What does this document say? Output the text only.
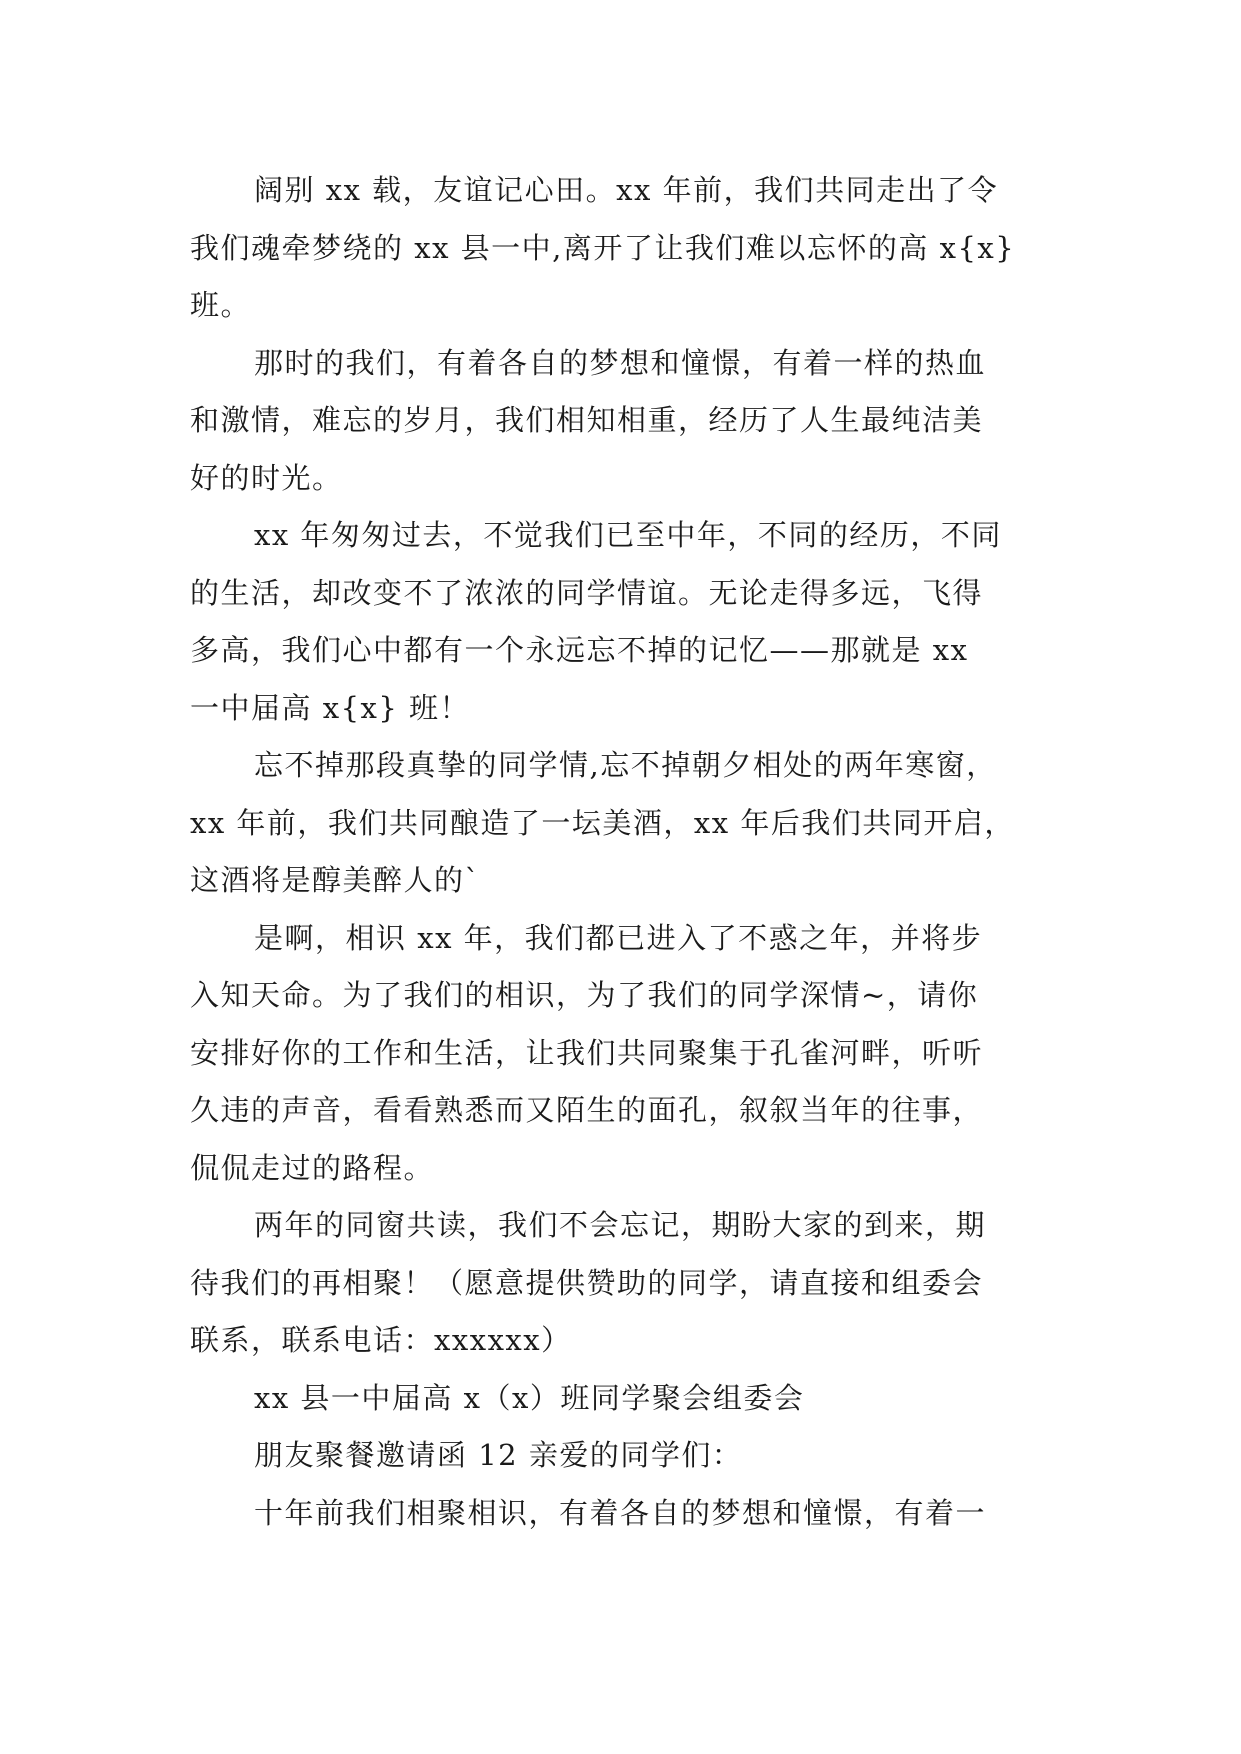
阔别 xx 载，友谊记心田。xx 年前，我们共同走出了令
我们魂牵梦绕的 xx 县一中,离开了让我们难以忘怀的高 x{x}
班。
那时的我们，有着各自的梦想和憧憬，有着一样的热血
和激情，难忘的岁月，我们相知相重，经历了人生最纯洁美
好的时光。
xx 年匆匆过去，不觉我们已至中年，不同的经历，不同
的生活，却改变不了浓浓的同学情谊。无论走得多远，飞得
多高，我们心中都有一个永远忘不掉的记忆——那就是 xx
一中届高 x{x} 班！
忘不掉那段真挚的同学情,忘不掉朝夕相处的两年寒窗，
xx 年前，我们共同酿造了一坛美酒，xx 年后我们共同开启，
这酒将是醇美醉人的`
是啊，相识 xx 年，我们都已进入了不惑之年，并将步
入知天命。为了我们的相识，为了我们的同学深情~，请你
安排好你的工作和生活，让我们共同聚集于孔雀河畔，听听
久违的声音，看看熟悉而又陌生的面孔，叙叙当年的往事，
侃侃走过的路程。
两年的同窗共读，我们不会忘记，期盼大家的到来，期
待我们的再相聚！（愿意提供赞助的同学，请直接和组委会
联系，联系电话：xxxxxx）
xx 县一中届高 x（x）班同学聚会组委会
朋友聚餐邀请函 12 亲爱的同学们：
十年前我们相聚相识，有着各自的梦想和憧憬，有着一
